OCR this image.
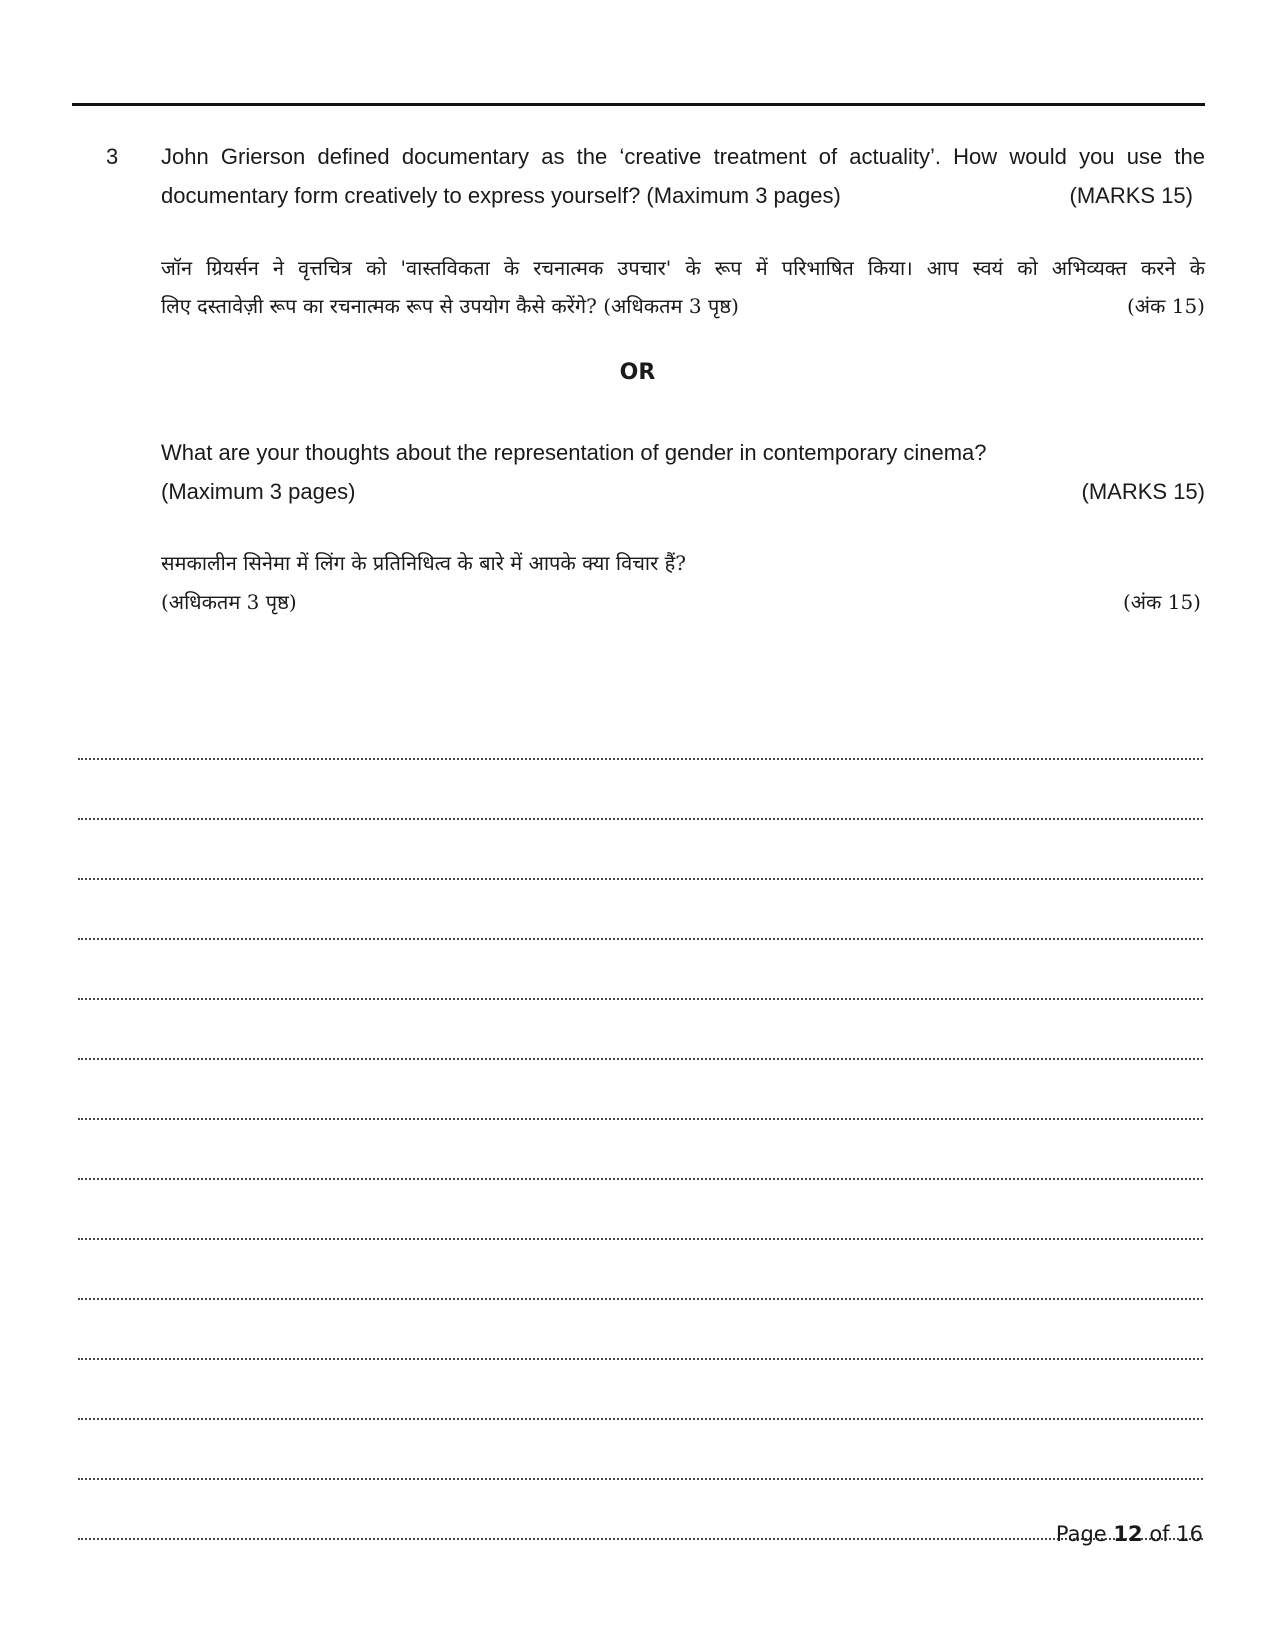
3 John Grierson defined documentary as the ‘creative treatment of actuality’. How would you use the
documentary form creatively to express yourself? (Maximum 3 pages)	(MARKS 15)
जॉन ग्रियर्सन ने वृत्तचित्र को 'वास्तविकता के रचनात्मक उपचार' के रूप में परिभाषित किया। आप स्वयं को अभिव्यक्त करने के
लिए दस्तावेज़ी रूप का रचनात्मक रूप से उपयोग कैसे करेंगे? (अधिकतम 3 पृष्ठ)	(अंक 15)
OR
What are your thoughts about the representation of gender in contemporary cinema?
(Maximum 3 pages)	(MARKS 15)
समकालीन सिनेमा में लिंग के प्रतिनिधित्व के बारे में आपके क्या विचार हैं?
(अधिकतम 3 पृष्ठ)	(अंक 15)
Page 12 of 16
